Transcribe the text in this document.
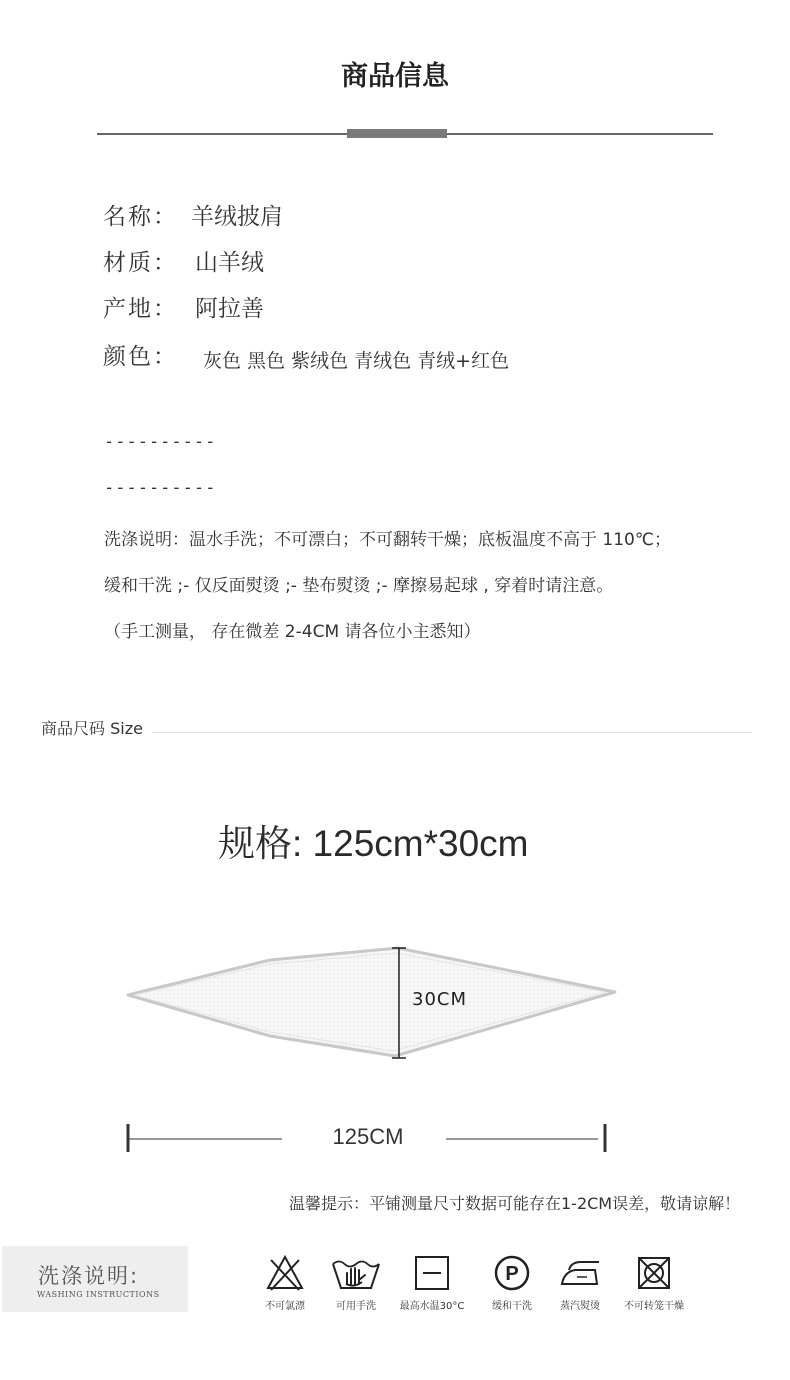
商品信息
名称： 羊绒披肩
材质： 山羊绒
产地： 阿拉善
颜色： 灰色 黑色 紫绒色 青绒色 青绒+红色
----------
----------
洗涤说明：温水手洗；不可漂白；不可翻转干燥；底板温度不高于 110℃；
缓和干洗 ;- 仅反面熨烫 ;- 垫布熨烫 ;- 摩擦易起球 , 穿着时请注意。
（手工测量， 存在微差 2-4CM 请各位小主悉知）
商品尺码 Size
规格: 125cm*30cm
30CM
125CM
温馨提示：平铺测量尺寸数据可能存在1-2CM误差，敬请谅解！
洗涤说明:
WASHING INSTRUCTIONS
不可氯漂	可用手洗	最高水温30°C
P
缓和干洗	蒸汽熨烫	不可转笼干燥
